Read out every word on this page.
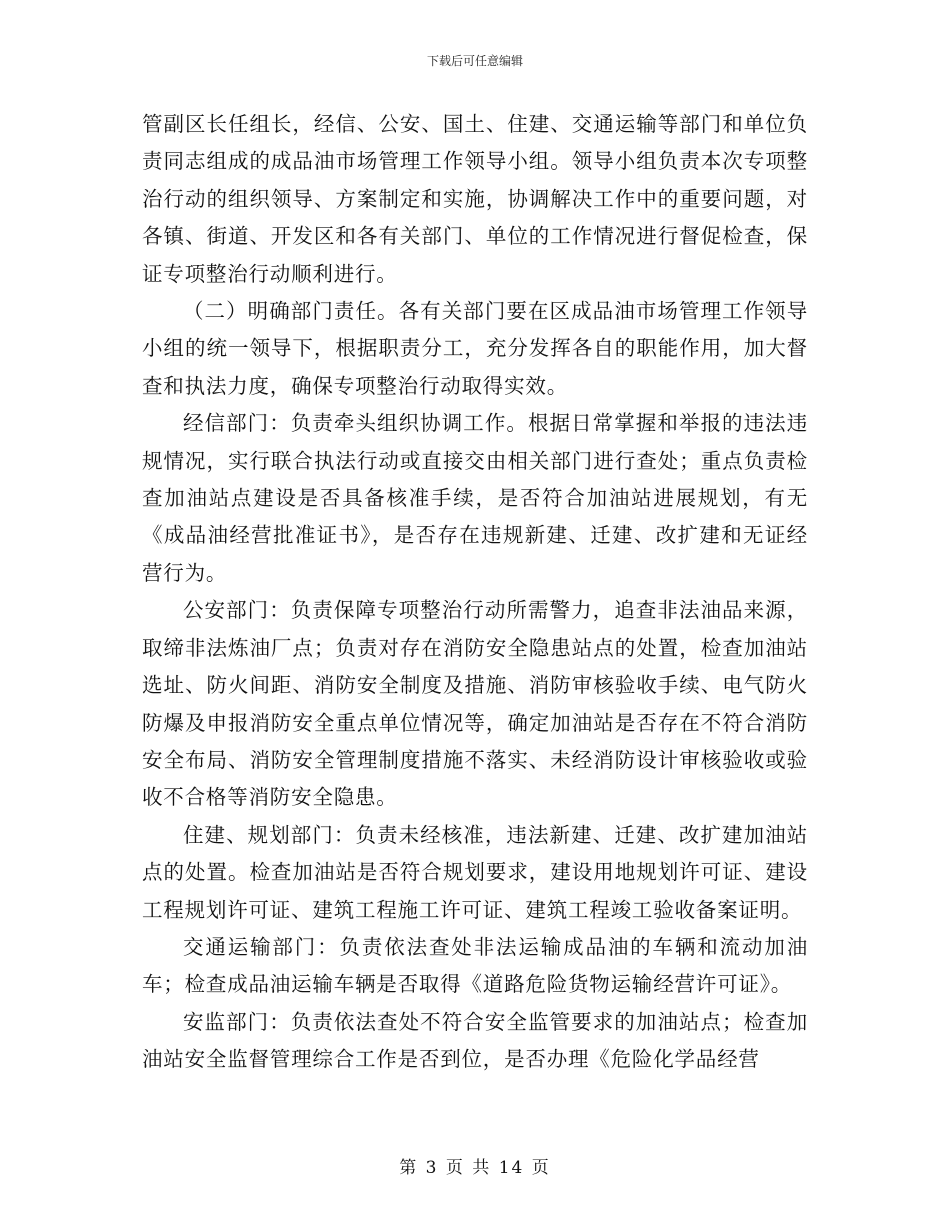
下载后可任意编辑

管副区长任组长，经信、公安、国土、住建、交通运输等部门和单位负责同志组成的成品油市场管理工作领导小组。领导小组负责本次专项整治行动的组织领导、方案制定和实施，协调解决工作中的重要问题，对各镇、街道、开发区和各有关部门、单位的工作情况进行督促检查，保证专项整治行动顺利进行。

（二）明确部门责任。各有关部门要在区成品油市场管理工作领导小组的统一领导下，根据职责分工，充分发挥各自的职能作用，加大督查和执法力度，确保专项整治行动取得实效。

经信部门：负责牵头组织协调工作。根据日常掌握和举报的违法违规情况，实行联合执法行动或直接交由相关部门进行查处；重点负责检查加油站点建设是否具备核准手续，是否符合加油站进展规划，有无《成品油经营批准证书》，是否存在违规新建、迁建、改扩建和无证经营行为。

公安部门：负责保障专项整治行动所需警力，追查非法油品来源，取缔非法炼油厂点；负责对存在消防安全隐患站点的处置，检查加油站选址、防火间距、消防安全制度及措施、消防审核验收手续、电气防火防爆及申报消防安全重点单位情况等，确定加油站是否存在不符合消防安全布局、消防安全管理制度措施不落实、未经消防设计审核验收或验收不合格等消防安全隐患。

住建、规划部门：负责未经核准，违法新建、迁建、改扩建加油站点的处置。检查加油站是否符合规划要求，建设用地规划许可证、建设工程规划许可证、建筑工程施工许可证、建筑工程竣工验收备案证明。

交通运输部门：负责依法查处非法运输成品油的车辆和流动加油车；检查成品油运输车辆是否取得《道路危险货物运输经营许可证》。

安监部门：负责依法查处不符合安全监管要求的加油站点；检查加油站安全监督管理综合工作是否到位，是否办理《危险化学品经营

第 3 页 共 14 页
